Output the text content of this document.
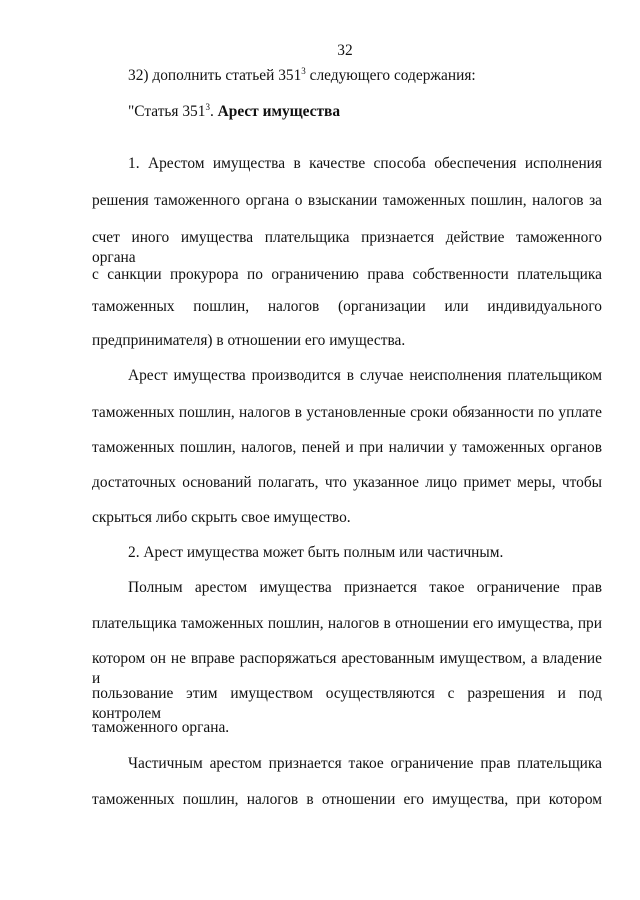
32
32) дополнить статьей $351^3$ следующего содержания:
"Статья $351^3$. Арест имущества
1. Арестом имущества в качестве способа обеспечения исполнения
решения таможенного органа о взыскании таможенных пошлин, налогов за
счет иного имущества плательщика признается действие таможенного органа
с санкции прокурора по ограничению права собственности плательщика
таможенных пошлин, налогов (организации или индивидуального
предпринимателя) в отношении его имущества.
Арест имущества производится в случае неисполнения плательщиком
таможенных пошлин, налогов в установленные сроки обязанности по уплате
таможенных пошлин, налогов, пеней и при наличии у таможенных органов
достаточных оснований полагать, что указанное лицо примет меры, чтобы
скрыться либо скрыть свое имущество.
2. Арест имущества может быть полным или частичным.
Полным арестом имущества признается такое ограничение прав
плательщика таможенных пошлин, налогов в отношении его имущества, при
котором он не вправе распоряжаться арестованным имуществом, а владение и
пользование этим имуществом осуществляются с разрешения и под контролем
таможенного органа.
Частичным арестом признается такое ограничение прав плательщика
таможенных пошлин, налогов в отношении его имущества, при котором
